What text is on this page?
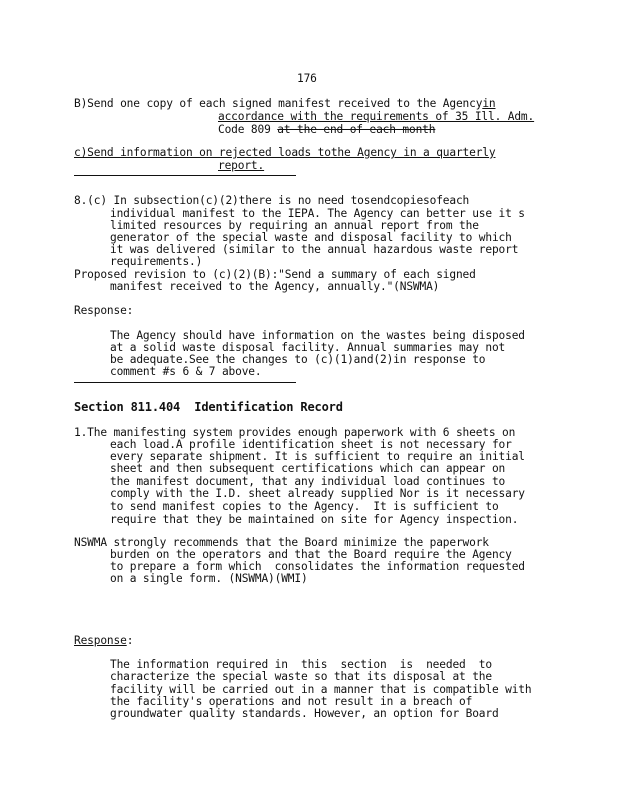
176
B)Send one copy of each signed manifest received to the Agencyin
accordance with the requirements of 35 Ill. Adm.
Code 809 at the end of each month
c)Send information on rejected loads tothe Agency in a quarterly
report.
8.(c) In subsection(c)(2)there is no need tosendcopiesofeach
individual manifest to the IEPA. The Agency can better use it s
limited resources by requiring an annual report from the
generator of the special waste and disposal facility to which
it was delivered (similar to the annual hazardous waste report
requirements.)
Proposed revision to (c)(2)(B):"Send a summary of each signed
manifest received to the Agency, annually."(NSWMA)
Response:
The Agency should have information on the wastes being disposed
at a solid waste disposal facility. Annual summaries may not
be adequate.See the changes to (c)(1)and(2)in response to
comment #s 6 & 7 above.
Section 811.404  Identification Record
1.The manifesting system provides enough paperwork with 6 sheets on
each load.A profile identification sheet is not necessary for
every separate shipment. It is sufficient to require an initial
sheet and then subsequent certifications which can appear on
the manifest document, that any individual load continues to
comply with the I.D. sheet already supplied Nor is it necessary
to send manifest copies to the Agency.  It is sufficient to
require that they be maintained on site for Agency inspection.
NSWMA strongly recommends that the Board minimize the paperwork
burden on the operators and that the Board require the Agency
to prepare a form which  consolidates the information requested
on a single form. (NSWMA)(WMI)
Response:
The information required in  this  section  is  needed  to
characterize the special waste so that its disposal at the
facility will be carried out in a manner that is compatible with
the facility's operations and not result in a breach of
groundwater quality standards. However, an option for Board
